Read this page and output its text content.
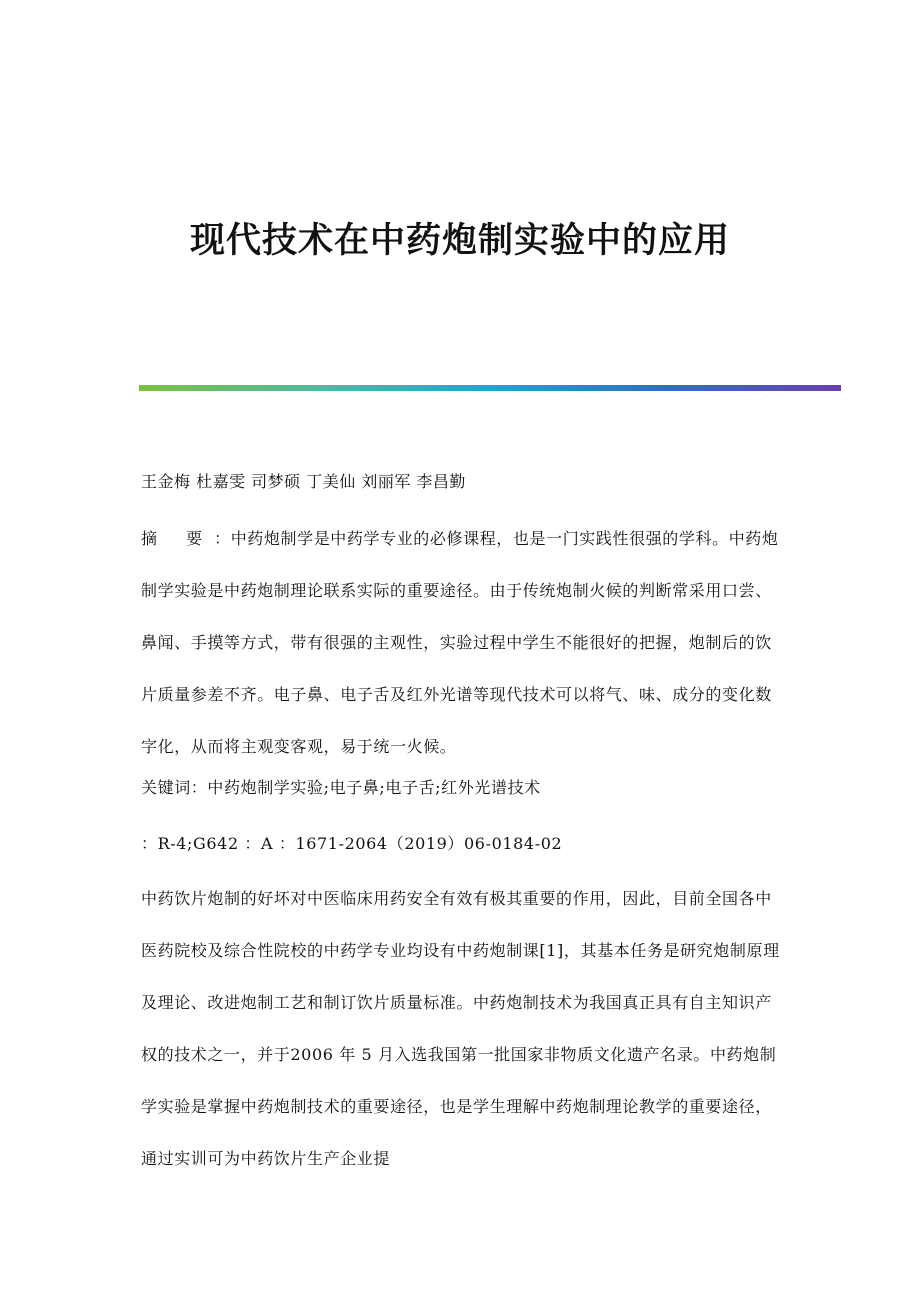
现代技术在中药炮制实验中的应用
王金梅 杜嘉雯 司梦硕 丁美仙 刘丽军 李昌勤

摘 要：中药炮制学是中药学专业的必修课程，也是一门实践性很强的学科。中药炮制学实验是中药炮制理论联系实际的重要途径。由于传统炮制火候的判断常采用口尝、鼻闻、手摸等方式，带有很强的主观性，实验过程中学生不能很好的把握，炮制后的饮片质量参差不齐。电子鼻、电子舌及红外光谱等现代技术可以将气、味、成分的变化数字化，从而将主观变客观，易于统一火候。

关键词：中药炮制学实验;电子鼻;电子舌;红外光谱技术
：R-4;G642 ：A ：1671-2064（2019）06-0184-02

中药饮片炮制的好坏对中医临床用药安全有效有极其重要的作用，因此，目前全国各中医药院校及综合性院校的中药学专业均设有中药炮制课[1]，其基本任务是研究炮制原理及理论、改进炮制工艺和制订饮片质量标准。中药炮制技术为我国真正具有自主知识产权的技术之一，并于2006 年 5 月入选我国第一批国家非物质文化遗产名录。中药炮制学实验是掌握中药炮制技术的重要途径，也是学生理解中药炮制理论教学的重要途径，通过实训可为中药饮片生产企业提
